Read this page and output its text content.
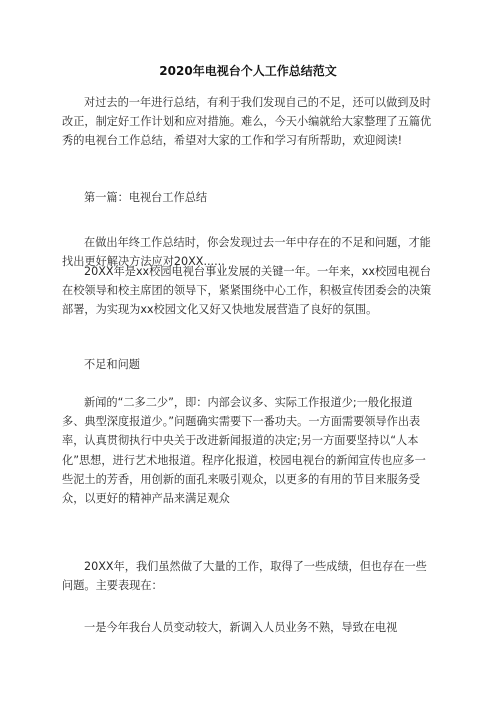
2020年电视台个人工作总结范文

对过去的一年进行总结，有利于我们发现自己的不足，还可以做到及时改正，制定好工作计划和应对措施。难么，今天小编就给大家整理了五篇优秀的电视台工作总结，希望对大家的工作和学习有所帮助，欢迎阅读!

第一篇：电视台工作总结

在做出年终工作总结时，你会发现过去一年中存在的不足和问题，才能找出更好解决方法应对20XX......

20XX年是xx校园电视台事业发展的关键一年。一年来，xx校园电视台在校领导和校主席团的领导下，紧紧围绕中心工作，积极宣传团委会的决策部署，为实现为xx校园文化又好又快地发展营造了良好的氛围。

不足和问题

新闻的“二多二少”，即：内部会议多、实际工作报道少;一般化报道多、典型深度报道少。”问题确实需要下一番功夫。一方面需要领导作出表率，认真贯彻执行中央关于改进新闻报道的决定;另一方面要坚持以“人本化”思想，进行艺术地报道。程序化报道，校园电视台的新闻宣传也应多一些泥土的芳香，用创新的面孔来吸引观众，以更多的有用的节目来服务受众，以更好的精神产品来满足观众

20XX年，我们虽然做了大量的工作，取得了一些成绩，但也存在一些问题。主要表现在：

一是今年我台人员变动较大，新调入人员业务不熟，导致在电视
